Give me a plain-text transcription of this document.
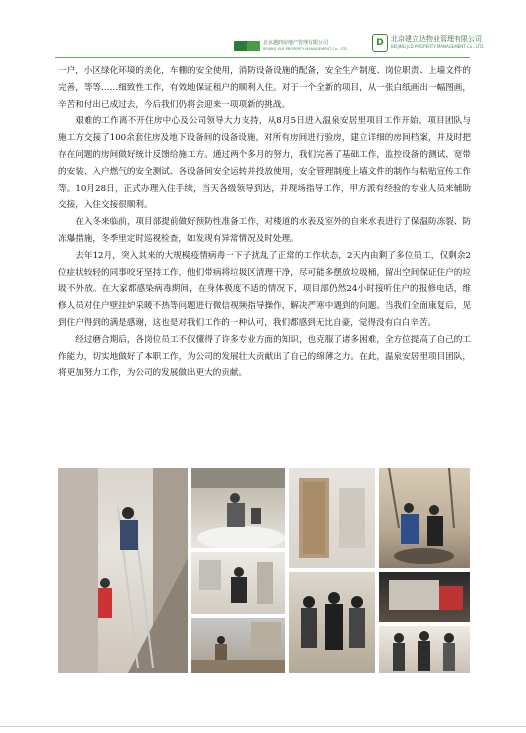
北京越润房地产管理有限公司
BEIJING XLB PROPERTY MANAGEMENT Co., LTD.
D	北京建立达物业管理有限公司
BEIJING JLD PROPERTY MANAGEMENT Co., LTD.

一户，小区绿化环境的美化，车棚的安全使用，消防设备设施的配备，安全生产制度、岗位职责、上墙文件的完善，等等……细致性工作，有效地保证租户的顺利入住。对于一个全新的项目，从一张白纸画出一幅图画，辛苦和付出已成过去，今后我们仍将会迎来一项项新的挑战。

艰难的工作离不开住房中心及公司领导大力支持，从8月5日进入温泉安居里项目工作开始，项目团队与施工方交接了100余套住房及地下设备间的设备设施，对所有房间进行验房，建立详细的房间档案，并及时把存在问题的房间做好统计反馈给施工方。通过两个多月的努力，我们完善了基础工作，监控设备的测试、宽带的安装、入户燃气的安全测试、各设备间安全运转并投放使用，安全管理制度上墙文件的制作与粘贴宣传工作等。10月28日，正式办理入住手续，当天各级领导到达，并现场指导工作，甲方派有经验的专业人员来辅助交接，入住交接很顺利。

在入冬来临前，项目部提前做好预防性准备工作，对楼道的水表及室外的自来水表进行了保温防冻裂、防冻爆措施，冬季里定时巡视检查，如发现有异常情况及时处理。

去年12月，突入其来的大规模疫情病毒一下子扰乱了正常的工作状态，2天内由剩了多位员工，仅剩余2位症状较轻的同事咬牙坚持工作，他们带病将垃圾区清理干净，尽可能多摆放垃圾桶，留出空间保证住户的垃圾不外放。在大家都感染病毒期间，在身体极度不适的情况下，项目部仍然24小时接听住户的报修电话，维修人员对住户壁挂炉采暖不热等问题进行微信视频指导操作，解决严寒中遇到的问题。当我们全面康复后，见到住户得到的满是感谢，这也是对我们工作的一种认可，我们都感到无比自豪，觉得没有白白辛苦。

经过磨合期后，各岗位员工不仅懂得了许多专业方面的知识，也克服了诸多困难，全方位提高了自己的工作能力，切实地做好了本职工作，为公司的发展壮大贡献出了自己的绵薄之力。在此，温泉安居里项目团队，将更加努力工作，为公司的发展做出更大的贡献。
